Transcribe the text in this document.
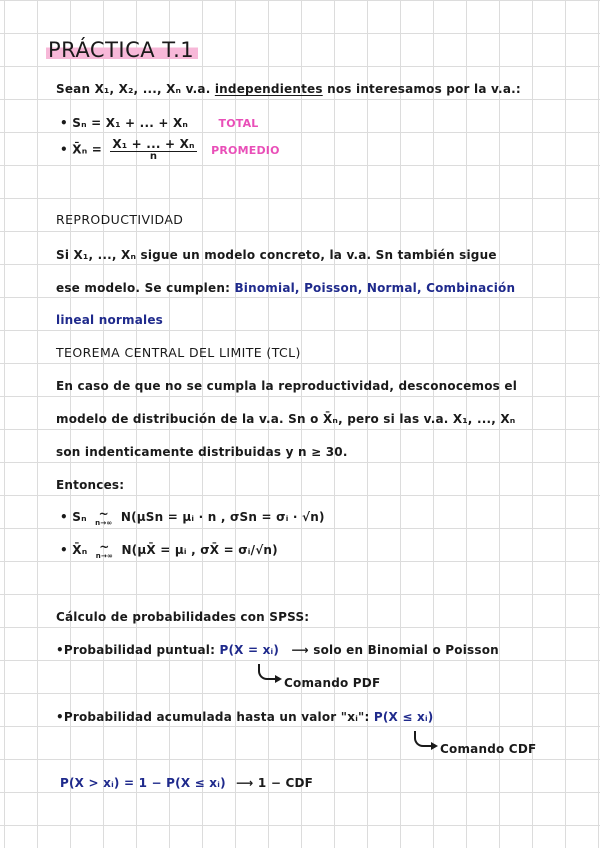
PRÁCTICA T.1
Sean X₁, X₂, ..., Xₙ v.a. independientes nos interesamos por la v.a.:
• Sₙ = X₁ + ... + Xₙ	TOTAL
• X̄ₙ = $\frac{\text{X₁ + ... + Xₙ}}{n}$ PROMEDIO
REPRODUCTIVIDAD
Si X₁, ..., Xₙ sigue un modelo concreto, la v.a. Sn también sigue
ese modelo. Se cumplen: Binomial, Poisson, Normal, Combinación
lineal normales
TEOREMA CENTRAL DEL LIMITE (TCL)
En caso de que no se cumpla la reproductividad, desconocemos el
modelo de distribución de la v.a. Sn o X̄ₙ, pero si las v.a. X₁, ..., Xₙ
son indenticamente distribuidas y n ≥ 30.
Entonces:
• Sₙ ~
n→∞ N(μSn = μᵢ · n , σSn = σᵢ · √n)
• X̄ₙ ~
n→∞ N(μX̄ = μᵢ , σX̄ = σᵢ/√n)
Cálculo de probabilidades con SPSS:
•Probabilidad puntual: P(X = xᵢ) ⟶ solo en Binomial o Poisson
Comando PDF
•Probabilidad acumulada hasta un valor "xᵢ": P(X ≤ xᵢ)
Comando CDF
P(X > xᵢ) = 1 − P(X ≤ xᵢ) ⟶ 1 − CDF
